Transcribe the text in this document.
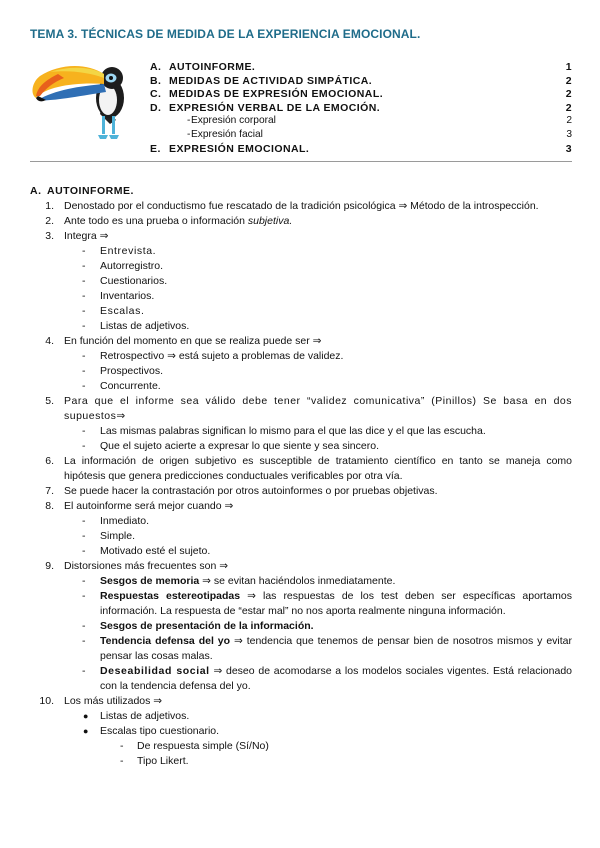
TEMA 3. TÉCNICAS DE MEDIDA DE LA EXPERIENCIA EMOCIONAL.
A. AUTOINFORME.	1
B. MEDIDAS DE ACTIVIDAD SIMPÁTICA.	2
C. MEDIDAS DE EXPRESIÓN EMOCIONAL.	2
D. EXPRESIÓN VERBAL DE LA EMOCIÓN.	2
- Expresión corporal	2
- Expresión facial	3
E. EXPRESIÓN EMOCIONAL.	3
A. AUTOINFORME.
1. Denostado por el conductismo fue rescatado de la tradición psicológica ⇒ Método de la introspección.
2. Ante todo es una prueba o información subjetiva.
3. Integra ⇒
- Entrevista.
- Autorregistro.
- Cuestionarios.
- Inventarios.
- Escalas.
- Listas de adjetivos.
4. En función del momento en que se realiza puede ser ⇒
- Retrospectivo ⇒ está sujeto a problemas de validez.
- Prospectivos.
- Concurrente.
5. Para que el informe sea válido debe tener “validez comunicativa” (Pinillos) Se basa en dos supuestos⇒
- Las mismas palabras significan lo mismo para el que las dice y el que las escucha.
- Que el sujeto acierte a expresar lo que siente y sea sincero.
6. La información de origen subjetivo es susceptible de tratamiento científico en tanto se maneja como hipótesis que genera predicciones conductuales verificables por otra vía.
7. Se puede hacer la contrastación por otros autoinformes o por pruebas objetivas.
8. El autoinforme será mejor cuando ⇒
- Inmediato.
- Simple.
- Motivado esté el sujeto.
9. Distorsiones más frecuentes son ⇒
- Sesgos de memoria ⇒ se evitan haciéndolos inmediatamente.
- Respuestas estereotipadas ⇒ las respuestas de los test deben ser específicas aportamos información. La respuesta de “estar mal” no nos aporta realmente ninguna información.
- Sesgos de presentación de la información.
- Tendencia defensa del yo ⇒ tendencia que tenemos de pensar bien de nosotros mismos y evitar pensar las cosas malas.
- Deseabilidad social ⇒ deseo de acomodarse a los modelos sociales vigentes. Está relacionado con la tendencia defensa del yo.
10. Los más utilizados ⇒
● Listas de adjetivos.
● Escalas tipo cuestionario.
- De respuesta simple (Sí/No)
- Tipo Likert.
